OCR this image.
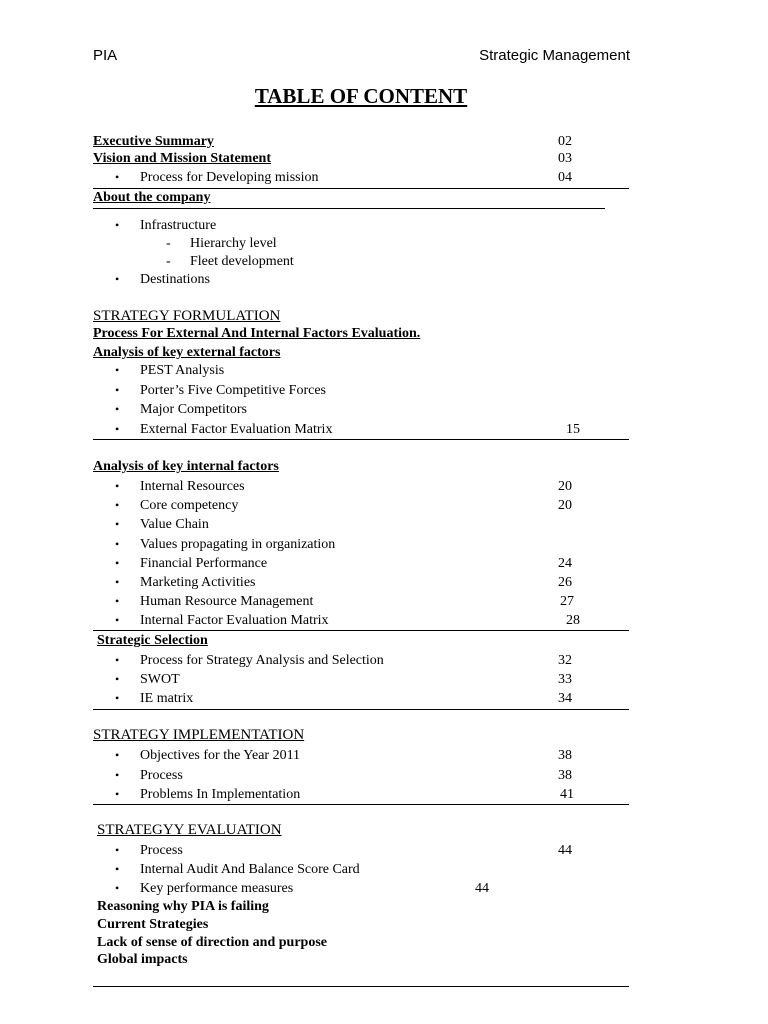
PIA	Strategic Management
TABLE OF CONTENT
Executive Summary	02
Vision and Mission Statement	03
•
Process for Developing mission	04
About the company
•
Infrastructure
-
Hierarchy level
-
Fleet development
•
Destinations
STRATEGY FORMULATION
Process For External And Internal Factors Evaluation.
Analysis of key external factors
•
PEST Analysis
•
Porter’s Five Competitive Forces
•
Major Competitors
•
External Factor Evaluation Matrix	15
Analysis of key internal factors
•
Internal Resources	20
•
Core competency	20
•
Value Chain
•
Values propagating in organization
•
Financial Performance	24
•
Marketing Activities	26
•
Human Resource Management	27
•
Internal Factor Evaluation Matrix	28
Strategic Selection
•
Process for Strategy Analysis and Selection	32
•
SWOT	33
•
IE matrix	34
STRATEGY IMPLEMENTATION
•
Objectives for the Year 2011	38
•
Process	38
•
Problems In Implementation	41
STRATEGYY EVALUATION
•
Process	44
•
Internal Audit And Balance Score Card
•
Key performance measures	44
Reasoning why PIA is failing
Current Strategies
Lack of sense of direction and purpose
Global impacts
